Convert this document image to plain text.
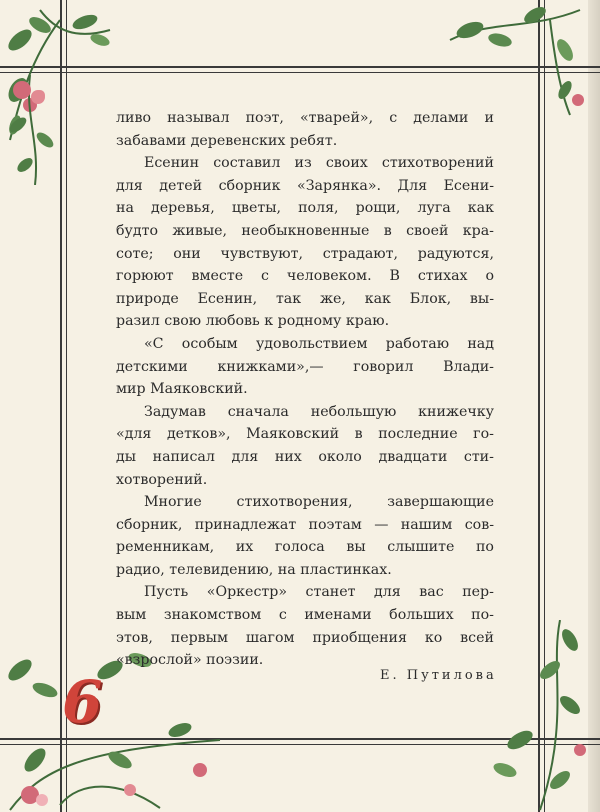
6
ливо называл поэт, «тварей», с делами и
забавами деревенских ребят.
Есенин составил из своих стихотворений
для детей сборник «Зарянка». Для Есени-
на деревья, цветы, поля, рощи, луга как
будто живые, необыкновенные в своей кра-
соте; они чувствуют, страдают, радуются,
горюют вместе с человеком. В стихах о
природе Есенин, так же, как Блок, вы-
разил свою любовь к родному краю.
«С особым удовольствием работаю над
детскими книжками»,— говорил Влади-
мир Маяковский.
Задумав сначала небольшую книжечку
«для детков», Маяковский в последние го-
ды написал для них около двадцати сти-
хотворений.
Многие стихотворения, завершающие
сборник, принадлежат поэтам — нашим сов-
ременникам, их голоса вы слышите по
радио, телевидению, на пластинках.
Пусть «Оркестр» станет для вас пер-
вым знакомством с именами больших по-
этов, первым шагом приобщения ко всей
«взрослой» поэзии.
Е. Путилова
